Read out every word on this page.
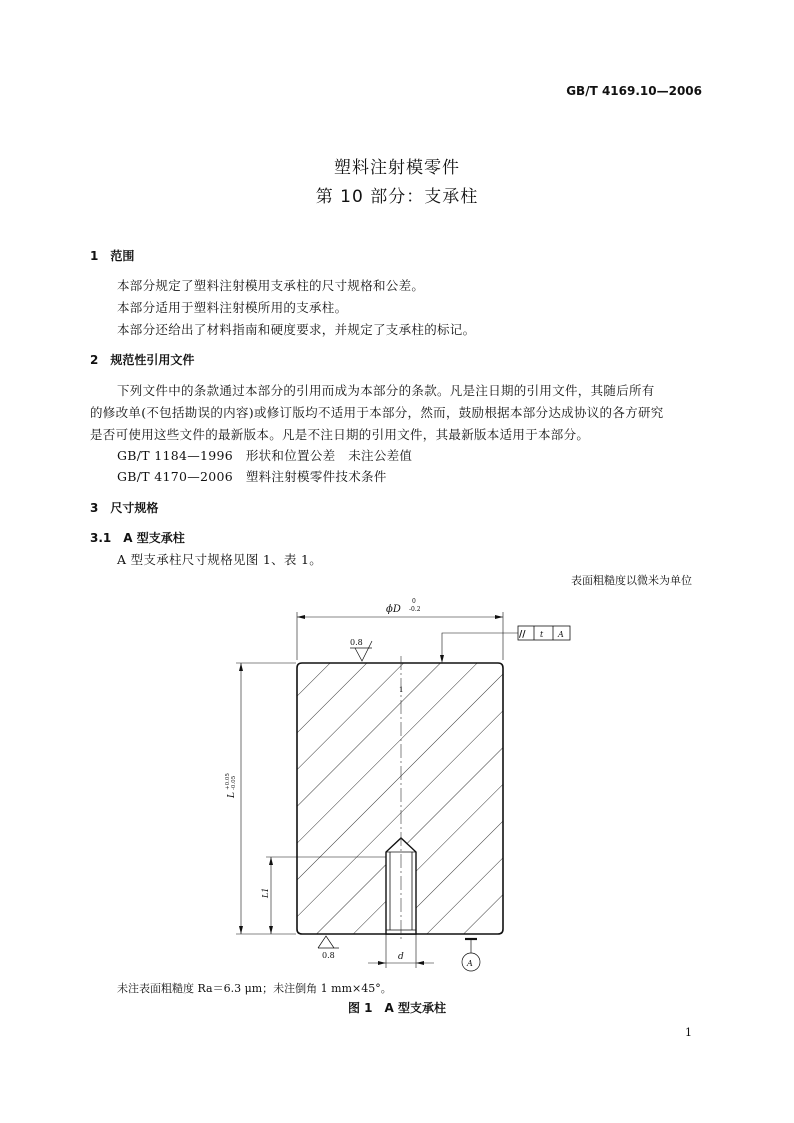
GB/T 4169.10—2006
塑料注射模零件
第 10 部分：支承柱
1　范围
本部分规定了塑料注射模用支承柱的尺寸规格和公差。
本部分适用于塑料注射模所用的支承柱。
本部分还给出了材料指南和硬度要求，并规定了支承柱的标记。
2　规范性引用文件
下列文件中的条款通过本部分的引用而成为本部分的条款。凡是注日期的引用文件，其随后所有
的修改单(不包括勘误的内容)或修订版均不适用于本部分，然而，鼓励根据本部分达成协议的各方研究
是否可使用这些文件的最新版本。凡是不注日期的引用文件，其最新版本适用于本部分。
GB/T 1184—1996　形状和位置公差　未注公差值
GB/T 4170—2006　塑料注射模零件技术条件
3　尺寸规格
3.1　A 型支承柱
A 型支承柱尺寸规格见图 1、表 1。
表面粗糙度以微米为单位
1
ϕD
0
-0.2
// t A
0.8
L
+0.05 -0.05
L1
d
0.8
A
未注表面粗糙度 Ra＝6.3 μm；未注倒角 1 mm×45°。
图 1　A 型支承柱
1
